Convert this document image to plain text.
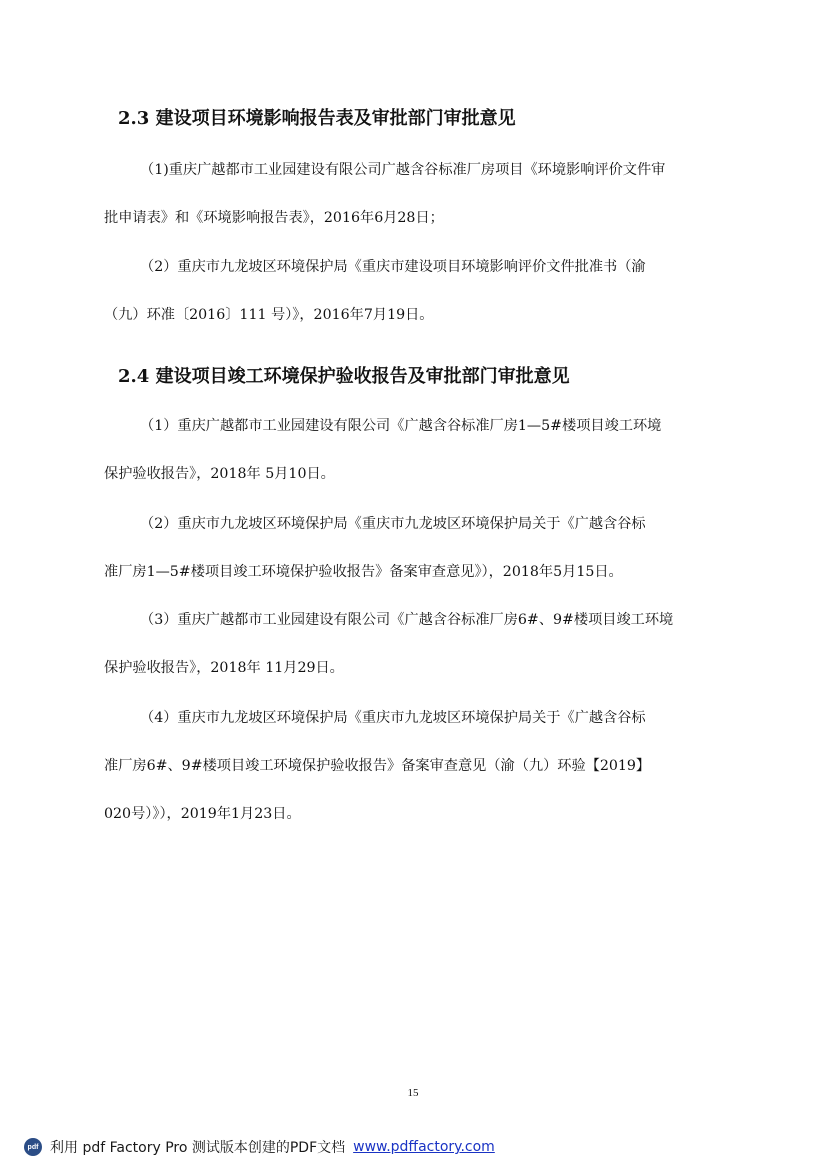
2.3 建设项目环境影响报告表及审批部门审批意见

（1)重庆广越都市工业园建设有限公司广越含谷标准厂房项目《环境影响评价文件审

批申请表》和《环境影响报告表》，2016年6月28日；

（2）重庆市九龙坡区环境保护局《重庆市建设项目环境影响评价文件批准书（渝

（九）环准〔2016〕111 号）》，2016年7月19日。

2.4 建设项目竣工环境保护验收报告及审批部门审批意见

（1）重庆广越都市工业园建设有限公司《广越含谷标准厂房1—5#楼项目竣工环境

保护验收报告》，2018年 5月10日。

（2）重庆市九龙坡区环境保护局《重庆市九龙坡区环境保护局关于《广越含谷标

准厂房1—5#楼项目竣工环境保护验收报告》备案审查意见》），2018年5月15日。

（3）重庆广越都市工业园建设有限公司《广越含谷标准厂房6#、9#楼项目竣工环境

保护验收报告》，2018年 11月29日。

（4）重庆市九龙坡区环境保护局《重庆市九龙坡区环境保护局关于《广越含谷标

准厂房6#、9#楼项目竣工环境保护验收报告》备案审查意见（渝（九）环验【2019】

020号）》），2019年1月23日。

15
pdf 利用 pdf Factory Pro 测试版本创建的PDF文档 www.pdffactory.com
